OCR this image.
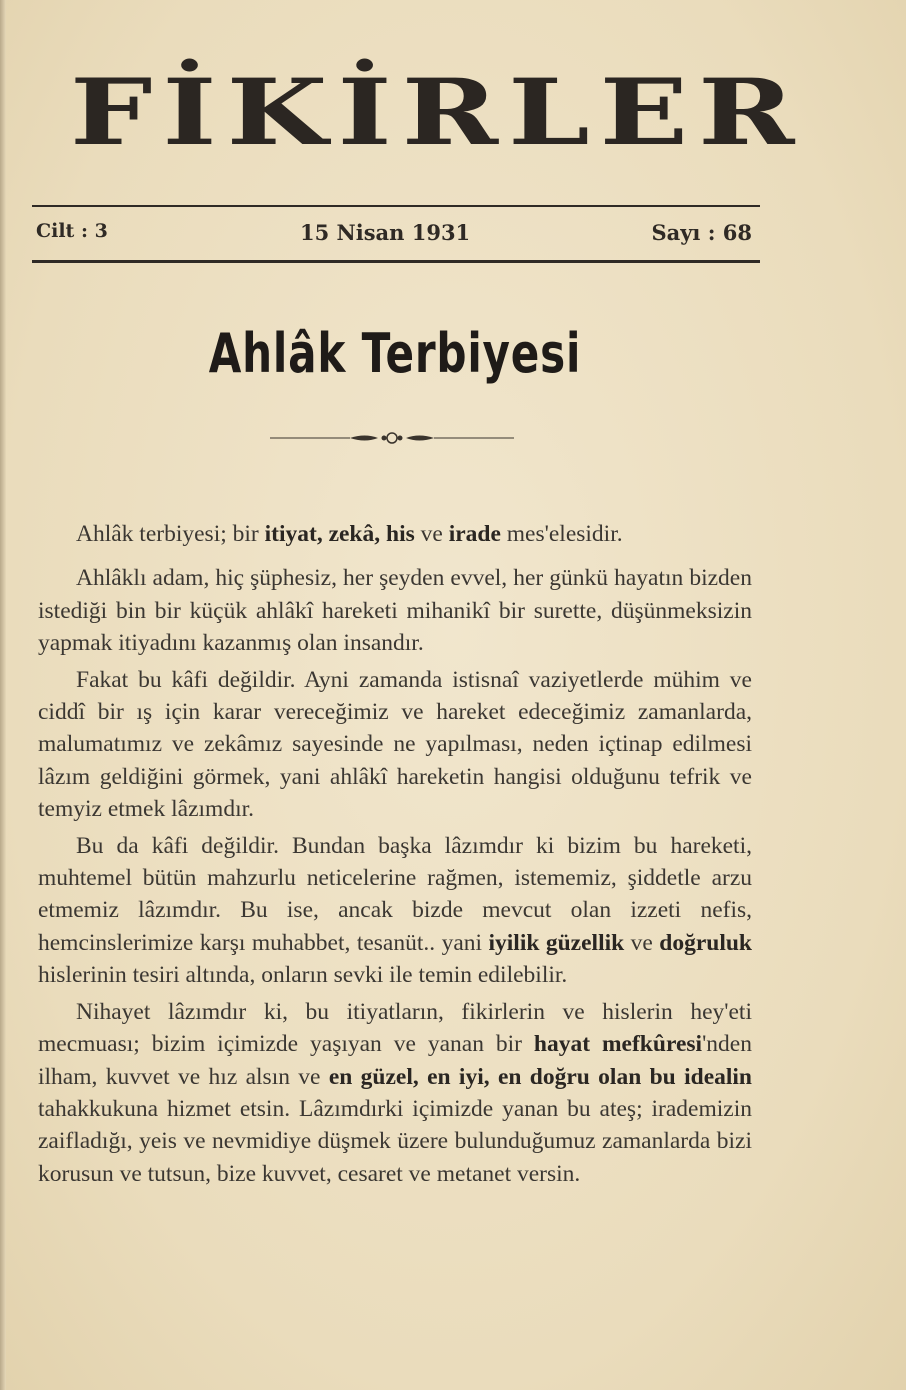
FİKİRLER
Cilt : 3	15 Nisan 1931	Sayı : 68
Ahlâk Terbiyesi

Ahlâk terbiyesi; bir itiyat, zekâ, his ve irade mes'elesidir.

Ahlâklı adam, hiç şüphesiz, her şeyden evvel, her günkü hayatın bizden istediği bin bir küçük ahlâkî hareketi mihanikî bir surette, düşünmeksizin yapmak itiyadını kazanmış olan insandır.

Fakat bu kâfi değildir. Ayni zamanda istisnaî vaziyetlerde mühim ve ciddî bir ış için karar vereceğimiz ve hareket edeceğimiz zamanlarda, malumatımız ve zekâmız sayesinde ne yapılması, neden içtinap edilmesi lâzım geldiğini görmek, yani ahlâkî hareketin hangisi olduğunu tefrik ve temyiz etmek lâzımdır.

Bu da kâfi değildir. Bundan başka lâzımdır ki bizim bu hareketi, muhtemel bütün mahzurlu neticelerine rağmen, istememiz, şiddetle arzu etmemiz lâzımdır. Bu ise, ancak bizde mevcut olan izzeti nefis, hemcinslerimize karşı muhabbet, tesanüt.. yani iyilik güzellik ve doğruluk hislerinin tesiri altında, onların sevki ile temin edilebilir.

Nihayet lâzımdır ki, bu itiyatların, fikirlerin ve hislerin hey'eti mecmuası; bizim içimizde yaşıyan ve yanan bir hayat mefkûresi'nden ilham, kuvvet ve hız alsın ve en güzel, en iyi, en doğru olan bu idealin tahakkukuna hizmet etsin. Lâzımdırki içimizde yanan bu ateş; irademizin zaifladığı, yeis ve nevmidiye düşmek üzere bulunduğumuz zamanlarda bizi korusun ve tutsun, bize kuvvet, cesaret ve metanet versin.
